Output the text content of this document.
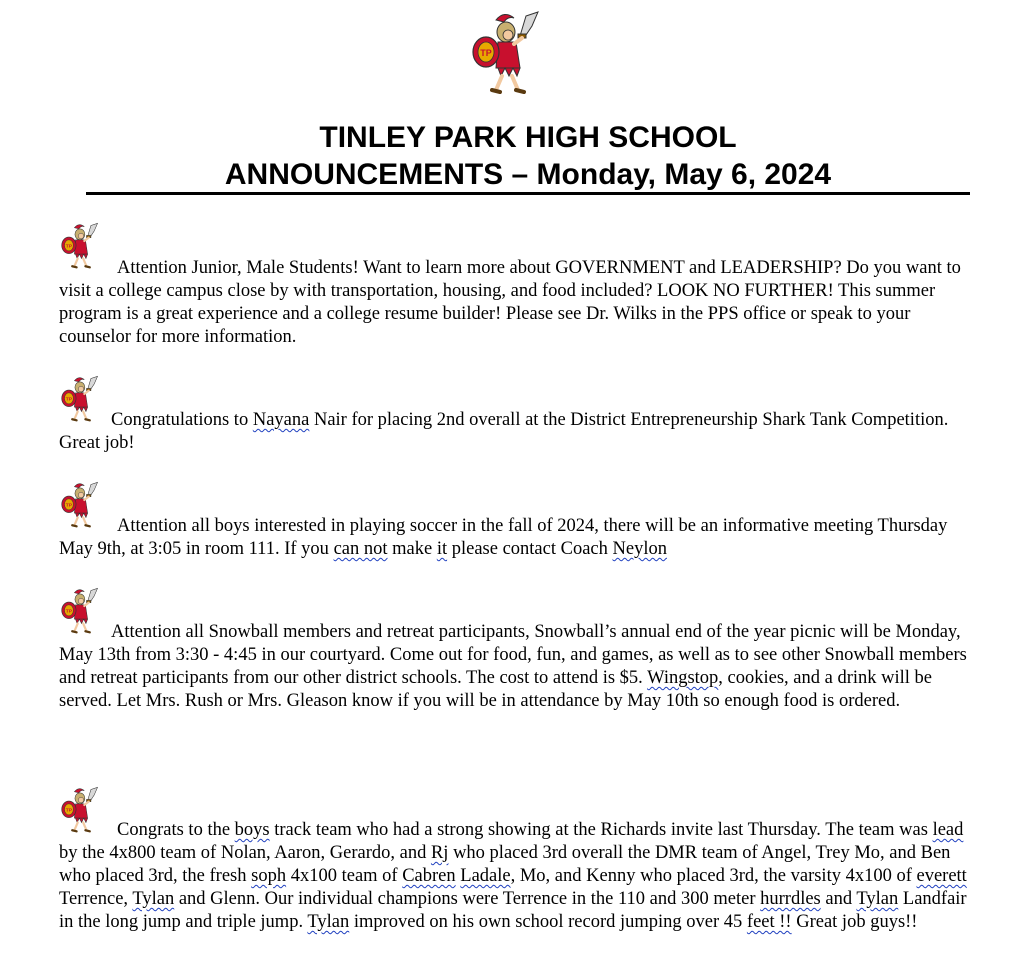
TINLEY PARK HIGH SCHOOL
ANNOUNCEMENTS – Monday, May 6, 2024

Attention Junior, Male Students! Want to learn more about GOVERNMENT and LEADERSHIP? Do you want to visit a college campus close by with transportation, housing, and food included? LOOK NO FURTHER! This summer program is a great experience and a college resume builder! Please see Dr. Wilks in the PPS office or speak to your counselor for more information.

Congratulations to Nayana Nair for placing 2nd overall at the District Entrepreneurship Shark Tank Competition. Great job!

Attention all boys interested in playing soccer in the fall of 2024, there will be an informative meeting Thursday May 9th, at 3:05 in room 111. If you can not make it please contact Coach Neylon

Attention all Snowball members and retreat participants, Snowball’s annual end of the year picnic will be Monday, May 13th from 3:30 - 4:45 in our courtyard. Come out for food, fun, and games, as well as to see other Snowball members and retreat participants from our other district schools. The cost to attend is $5. Wingstop, cookies, and a drink will be served. Let Mrs. Rush or Mrs. Gleason know if you will be in attendance by May 10th so enough food is ordered.

Congrats to the boys track team who had a strong showing at the Richards invite last Thursday. The team was lead by the 4x800 team of Nolan, Aaron, Gerardo, and Rj who placed 3rd overall the DMR team of Angel, Trey Mo, and Ben who placed 3rd, the fresh soph 4x100 team of Cabren Ladale, Mo, and Kenny who placed 3rd, the varsity 4x100 of everett Terrence, Tylan and Glenn. Our individual champions were Terrence in the 110 and 300 meter hurrdles and Tylan Landfair in the long jump and triple jump. Tylan improved on his own school record jumping over 45 feet !! Great job guys!!
